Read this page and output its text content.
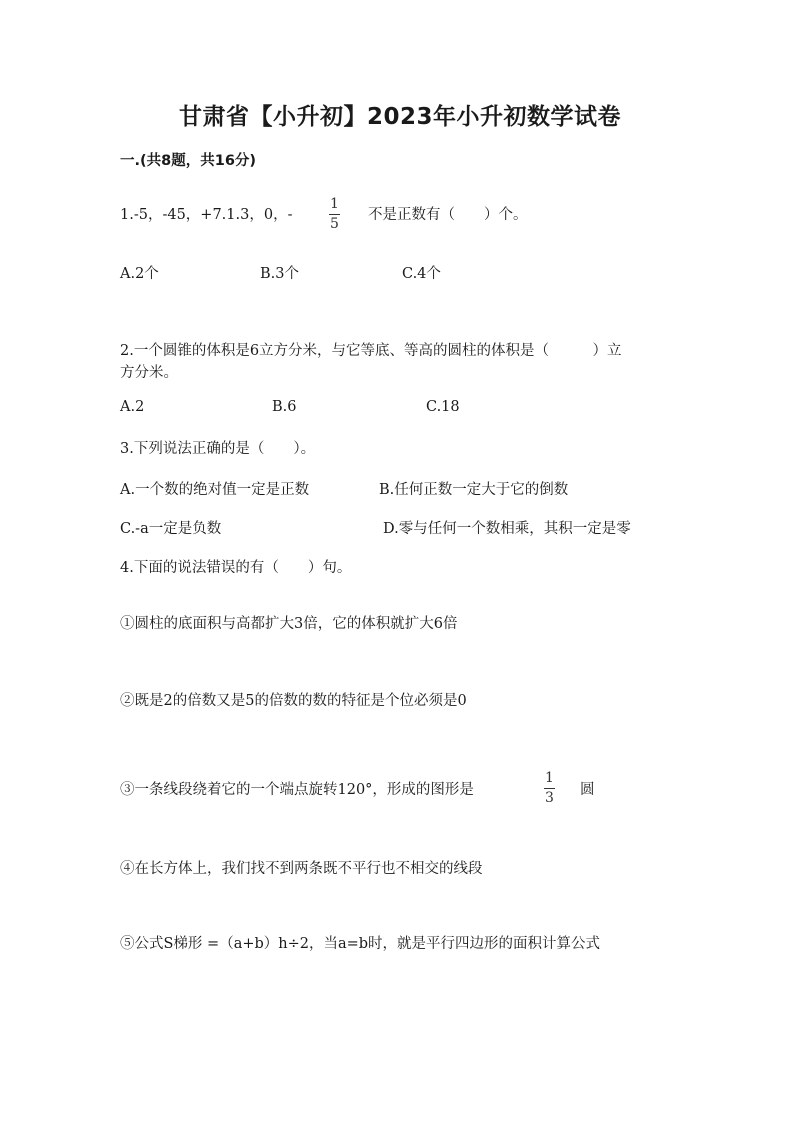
甘肃省【小升初】2023年小升初数学试卷
一.(共8题，共16分)
1.-5，-45，+7.1.3，0，-
1
5
不是正数有（　　）个。
A.2个	B.3个	C.4个
2.一个圆锥的体积是6立方分米，与它等底、等高的圆柱的体积是（　　　）立
方分米。
A.2	B.6	C.18
3.下列说法正确的是（　　）。
A.一个数的绝对值一定是正数	B.任何正数一定大于它的倒数
C.-a一定是负数	D.零与任何一个数相乘，其积一定是零
4.下面的说法错误的有（　　）句。
①圆柱的底面积与高都扩大3倍，它的体积就扩大6倍
②既是2的倍数又是5的倍数的数的特征是个位必须是0
③一条线段绕着它的一个端点旋转120°，形成的图形是
1
3 圆
④在长方体上，我们找不到两条既不平行也不相交的线段
⑤公式S梯形 =（a+b）h÷2，当a=b时，就是平行四边形的面积计算公式
